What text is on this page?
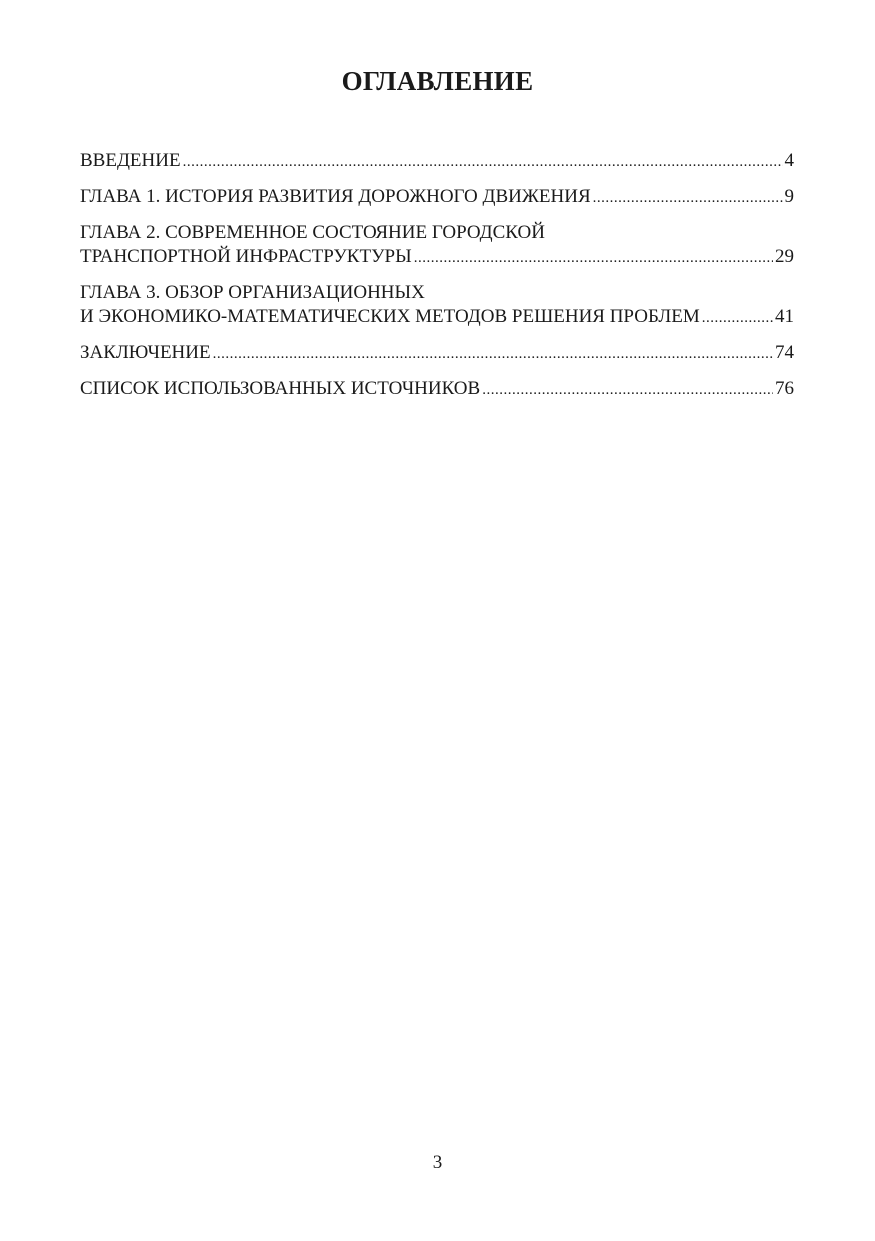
ОГЛАВЛЕНИЕ
ВВЕДЕНИЕ .....	4
ГЛАВА 1. ИСТОРИЯ РАЗВИТИЯ ДОРОЖНОГО ДВИЖЕНИЯ .....	9
ГЛАВА 2. СОВРЕМЕННОЕ СОСТОЯНИЕ ГОРОДСКОЙ
ТРАНСПОРТНОЙ ИНФРАСТРУКТУРЫ .....	29
ГЛАВА 3. ОБЗОР ОРГАНИЗАЦИОННЫХ
И ЭКОНОМИКО-МАТЕМАТИЧЕСКИХ МЕТОДОВ РЕШЕНИЯ ПРОБЛЕМ .....	41
ЗАКЛЮЧЕНИЕ .....	74
СПИСОК ИСПОЛЬЗОВАННЫХ ИСТОЧНИКОВ .....	76
3
